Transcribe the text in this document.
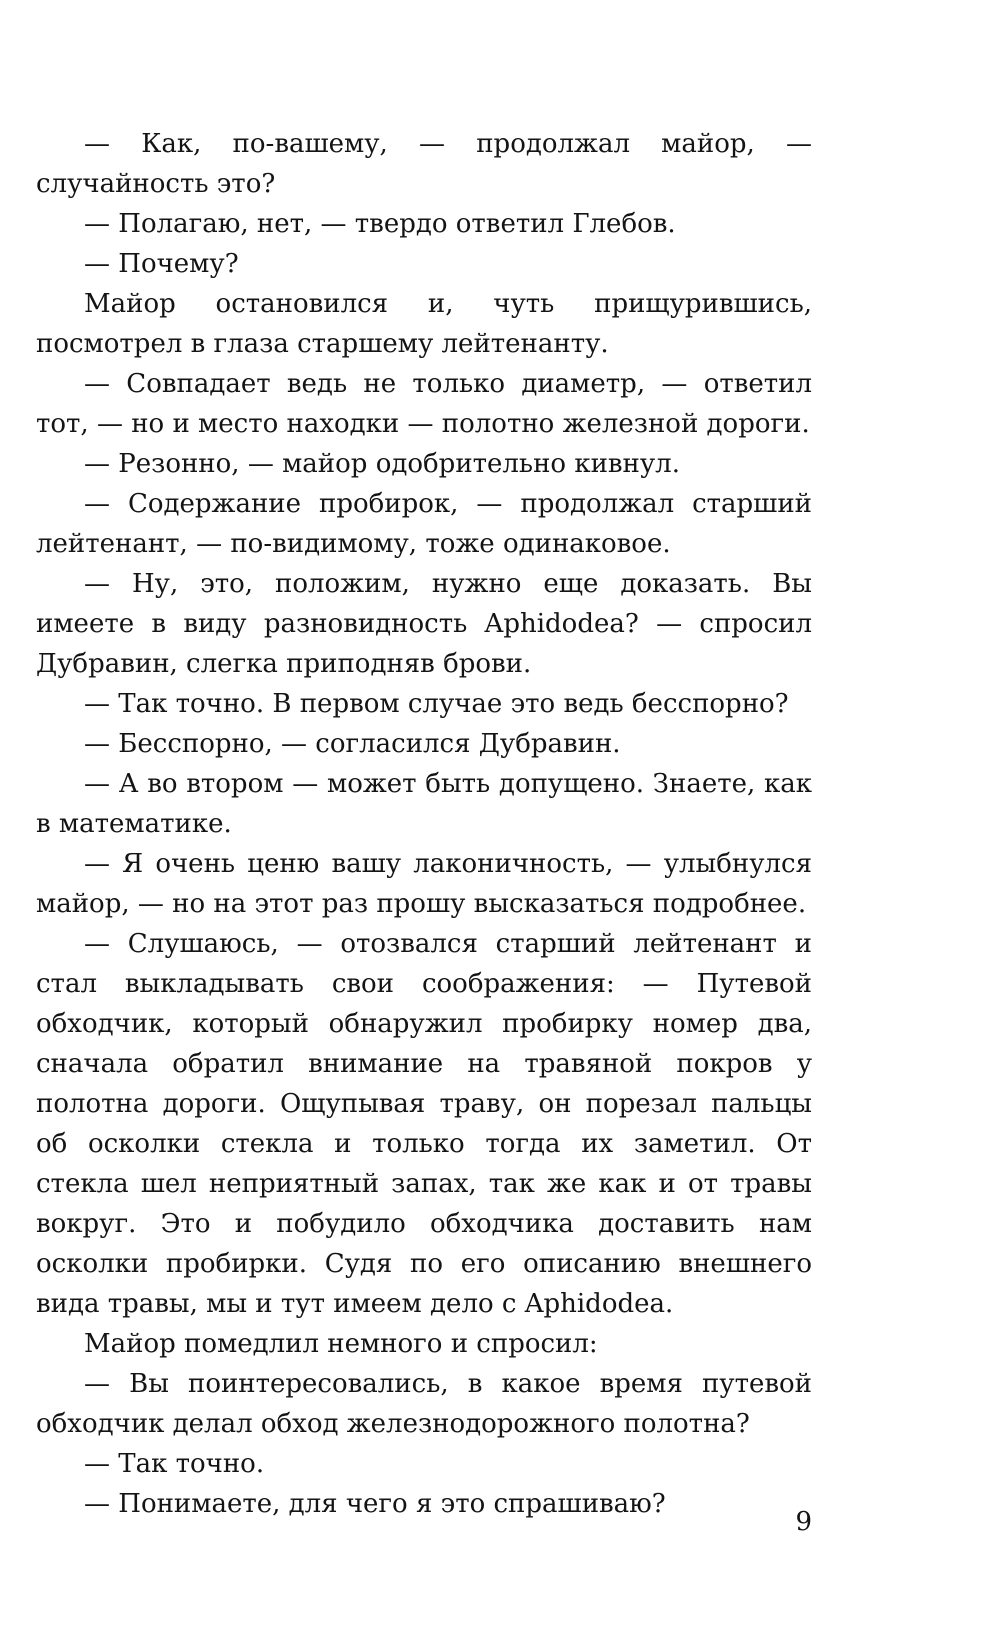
— Как, по-вашему, — продолжал майор, — случайность это?

— Полагаю, нет, — твердо ответил Глебов.

— Почему?

Майор остановился и, чуть прищурившись, посмотрел в глаза старшему лейтенанту.

— Совпадает ведь не только диаметр, — ответил тот, — но и место находки — полотно железной дороги.

— Резонно, — майор одобрительно кивнул.

— Содержание пробирок, — продолжал старший лейтенант, — по-видимому, тоже одинаковое.

— Ну, это, положим, нужно еще доказать. Вы имеете в виду разновидность Aphidodea? — спросил Дубравин, слегка приподняв брови.

— Так точно. В первом случае это ведь бесспорно?

— Бесспорно, — согласился Дубравин.

— А во втором — может быть допущено. Знаете, как в математике.

— Я очень ценю вашу лаконичность, — улыбнулся майор, — но на этот раз прошу высказаться подробнее.

— Слушаюсь, — отозвался старший лейтенант и стал выкладывать свои соображения: — Путевой обходчик, который обнаружил пробирку номер два, сначала обратил внимание на травяной покров у полотна дороги. Ощупывая траву, он порезал пальцы об осколки стекла и только тогда их заметил. От стекла шел неприятный запах, так же как и от травы вокруг. Это и побудило обходчика доставить нам осколки пробирки. Судя по его описанию внешнего вида травы, мы и тут имеем дело с Aphidodea.

Майор помедлил немного и спросил:

— Вы поинтересовались, в какое время путевой обходчик делал обход железнодорожного полотна?

— Так точно.

— Понимаете, для чего я это спрашиваю?

9
